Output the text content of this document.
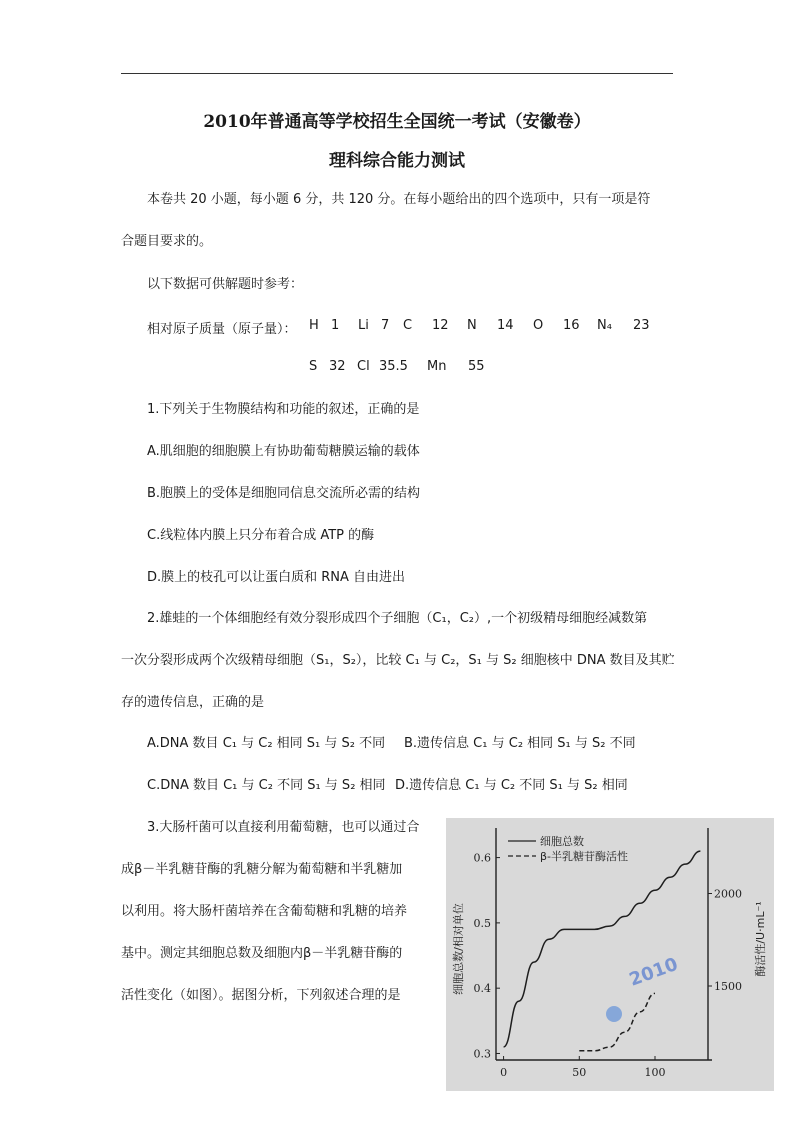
2010年普通高等学校招生全国统一考试（安徽卷）
理科综合能力测试
本卷共 20 小题，每小题 6 分，共 120 分。在每小题给出的四个选项中，只有一项是符
合题目要求的。
以下数据可供解题时参考：
相对原子质量（原子量）： H 1 Li 7 C 12 N 14 O 16 N₄ 23
S 32 Cl 35.5 Mn 55
1.下列关于生物膜结构和功能的叙述，正确的是
A.肌细胞的细胞膜上有协助葡萄糖膜运输的载体
B.胞膜上的受体是细胞同信息交流所必需的结构
C.线粒体内膜上只分布着合成 ATP 的酶
D.膜上的枝孔可以让蛋白质和 RNA 自由进出
2.雄蛙的一个体细胞经有效分裂形成四个子细胞（C₁，C₂）,一个初级精母细胞经减数第
一次分裂形成两个次级精母细胞（S₁，S₂），比较 C₁ 与 C₂，S₁ 与 S₂ 细胞核中 DNA 数目及其贮
存的遗传信息，正确的是
A.DNA 数目 C₁ 与 C₂ 相同 S₁ 与 S₂ 不同 B.遗传信息 C₁ 与 C₂ 相同 S₁ 与 S₂ 不同
C.DNA 数目 C₁ 与 C₂ 不同 S₁ 与 S₂ 相同 D.遗传信息 C₁ 与 C₂ 不同 S₁ 与 S₂ 相同
3.大肠杆菌可以直接利用葡萄糖，也可以通过合
成β－半乳糖苷酶的乳糖分解为葡萄糖和半乳糖加
以利用。将大肠杆菌培养在含葡萄糖和乳糖的培养
基中。测定其细胞总数及细胞内β－半乳糖苷酶的
活性变化（如图）。据图分析，下列叙述合理的是
0	50	100
0.3
0.4
0.5
0.6
1500
2000
细胞总数/相对单位	酶活性/U·mL⁻¹
细胞总数
β-半乳糖苷酶活性
2010
